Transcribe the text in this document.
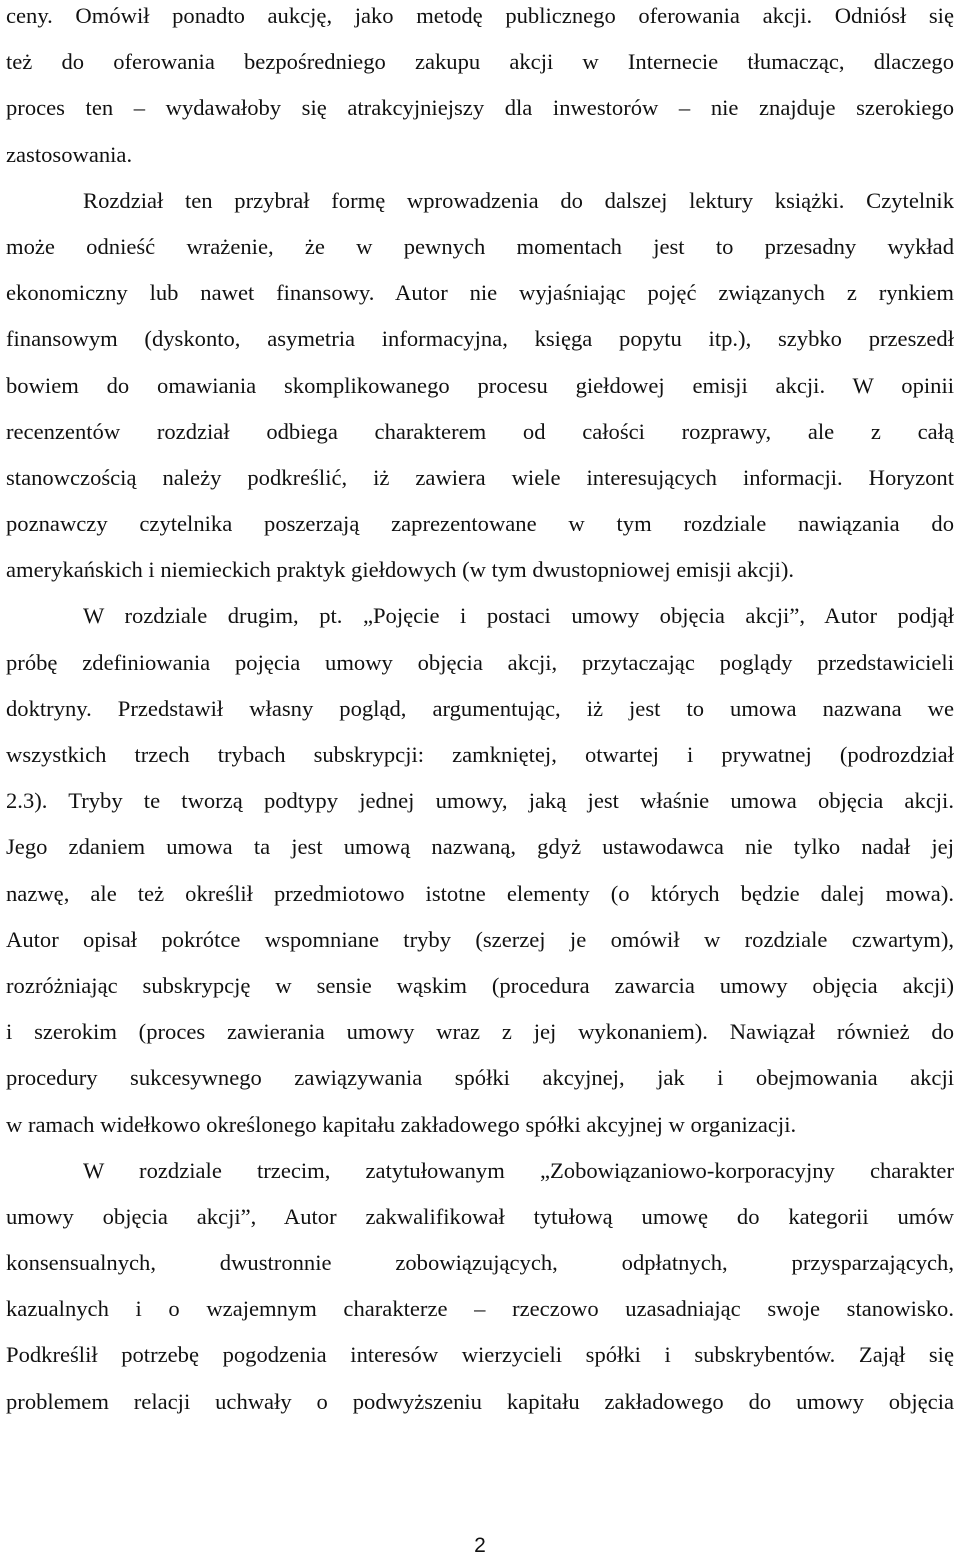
ceny. Omówił ponadto aukcję, jako metodę publicznego oferowania akcji. Odniósł się
też do oferowania bezpośredniego zakupu akcji w Internecie tłumacząc, dlaczego
proces ten – wydawałoby się atrakcyjniejszy dla inwestorów – nie znajduje szerokiego
zastosowania.

Rozdział ten przybrał formę wprowadzenia do dalszej lektury książki. Czytelnik
może odnieść wrażenie, że w pewnych momentach jest to przesadny wykład
ekonomiczny lub nawet finansowy. Autor nie wyjaśniając pojęć związanych z rynkiem
finansowym (dyskonto, asymetria informacyjna, księga popytu itp.), szybko przeszedł
bowiem do omawiania skomplikowanego procesu giełdowej emisji akcji. W opinii
recenzentów rozdział odbiega charakterem od całości rozprawy, ale z całą
stanowczością należy podkreślić, iż zawiera wiele interesujących informacji. Horyzont
poznawczy czytelnika poszerzają zaprezentowane w tym rozdziale nawiązania do
amerykańskich i niemieckich praktyk giełdowych (w tym dwustopniowej emisji akcji).

W rozdziale drugim, pt. „Pojęcie i postaci umowy objęcia akcji”, Autor podjął
próbę zdefiniowania pojęcia umowy objęcia akcji, przytaczając poglądy przedstawicieli
doktryny. Przedstawił własny pogląd, argumentując, iż jest to umowa nazwana we
wszystkich trzech trybach subskrypcji: zamkniętej, otwartej i prywatnej (podrozdział
2.3). Tryby te tworzą podtypy jednej umowy, jaką jest właśnie umowa objęcia akcji.
Jego zdaniem umowa ta jest umową nazwaną, gdyż ustawodawca nie tylko nadał jej
nazwę, ale też określił przedmiotowo istotne elementy (o których będzie dalej mowa).
Autor opisał pokrótce wspomniane tryby (szerzej je omówił w rozdziale czwartym),
rozróżniając subskrypcję w sensie wąskim (procedura zawarcia umowy objęcia akcji)
i szerokim (proces zawierania umowy wraz z jej wykonaniem). Nawiązał również do
procedury sukcesywnego zawiązywania spółki akcyjnej, jak i obejmowania akcji
w ramach widełkowo określonego kapitału zakładowego spółki akcyjnej w organizacji.

W rozdziale trzecim, zatytułowanym „Zobowiązaniowo-korporacyjny charakter
umowy objęcia akcji”, Autor zakwalifikował tytułową umowę do kategorii umów
konsensualnych, dwustronnie zobowiązujących, odpłatnych, przysparzających,
kazualnych i o wzajemnym charakterze – rzeczowo uzasadniając swoje stanowisko.
Podkreślił potrzebę pogodzenia interesów wierzycieli spółki i subskrybentów. Zajął się
problemem relacji uchwały o podwyższeniu kapitału zakładowego do umowy objęcia

2
